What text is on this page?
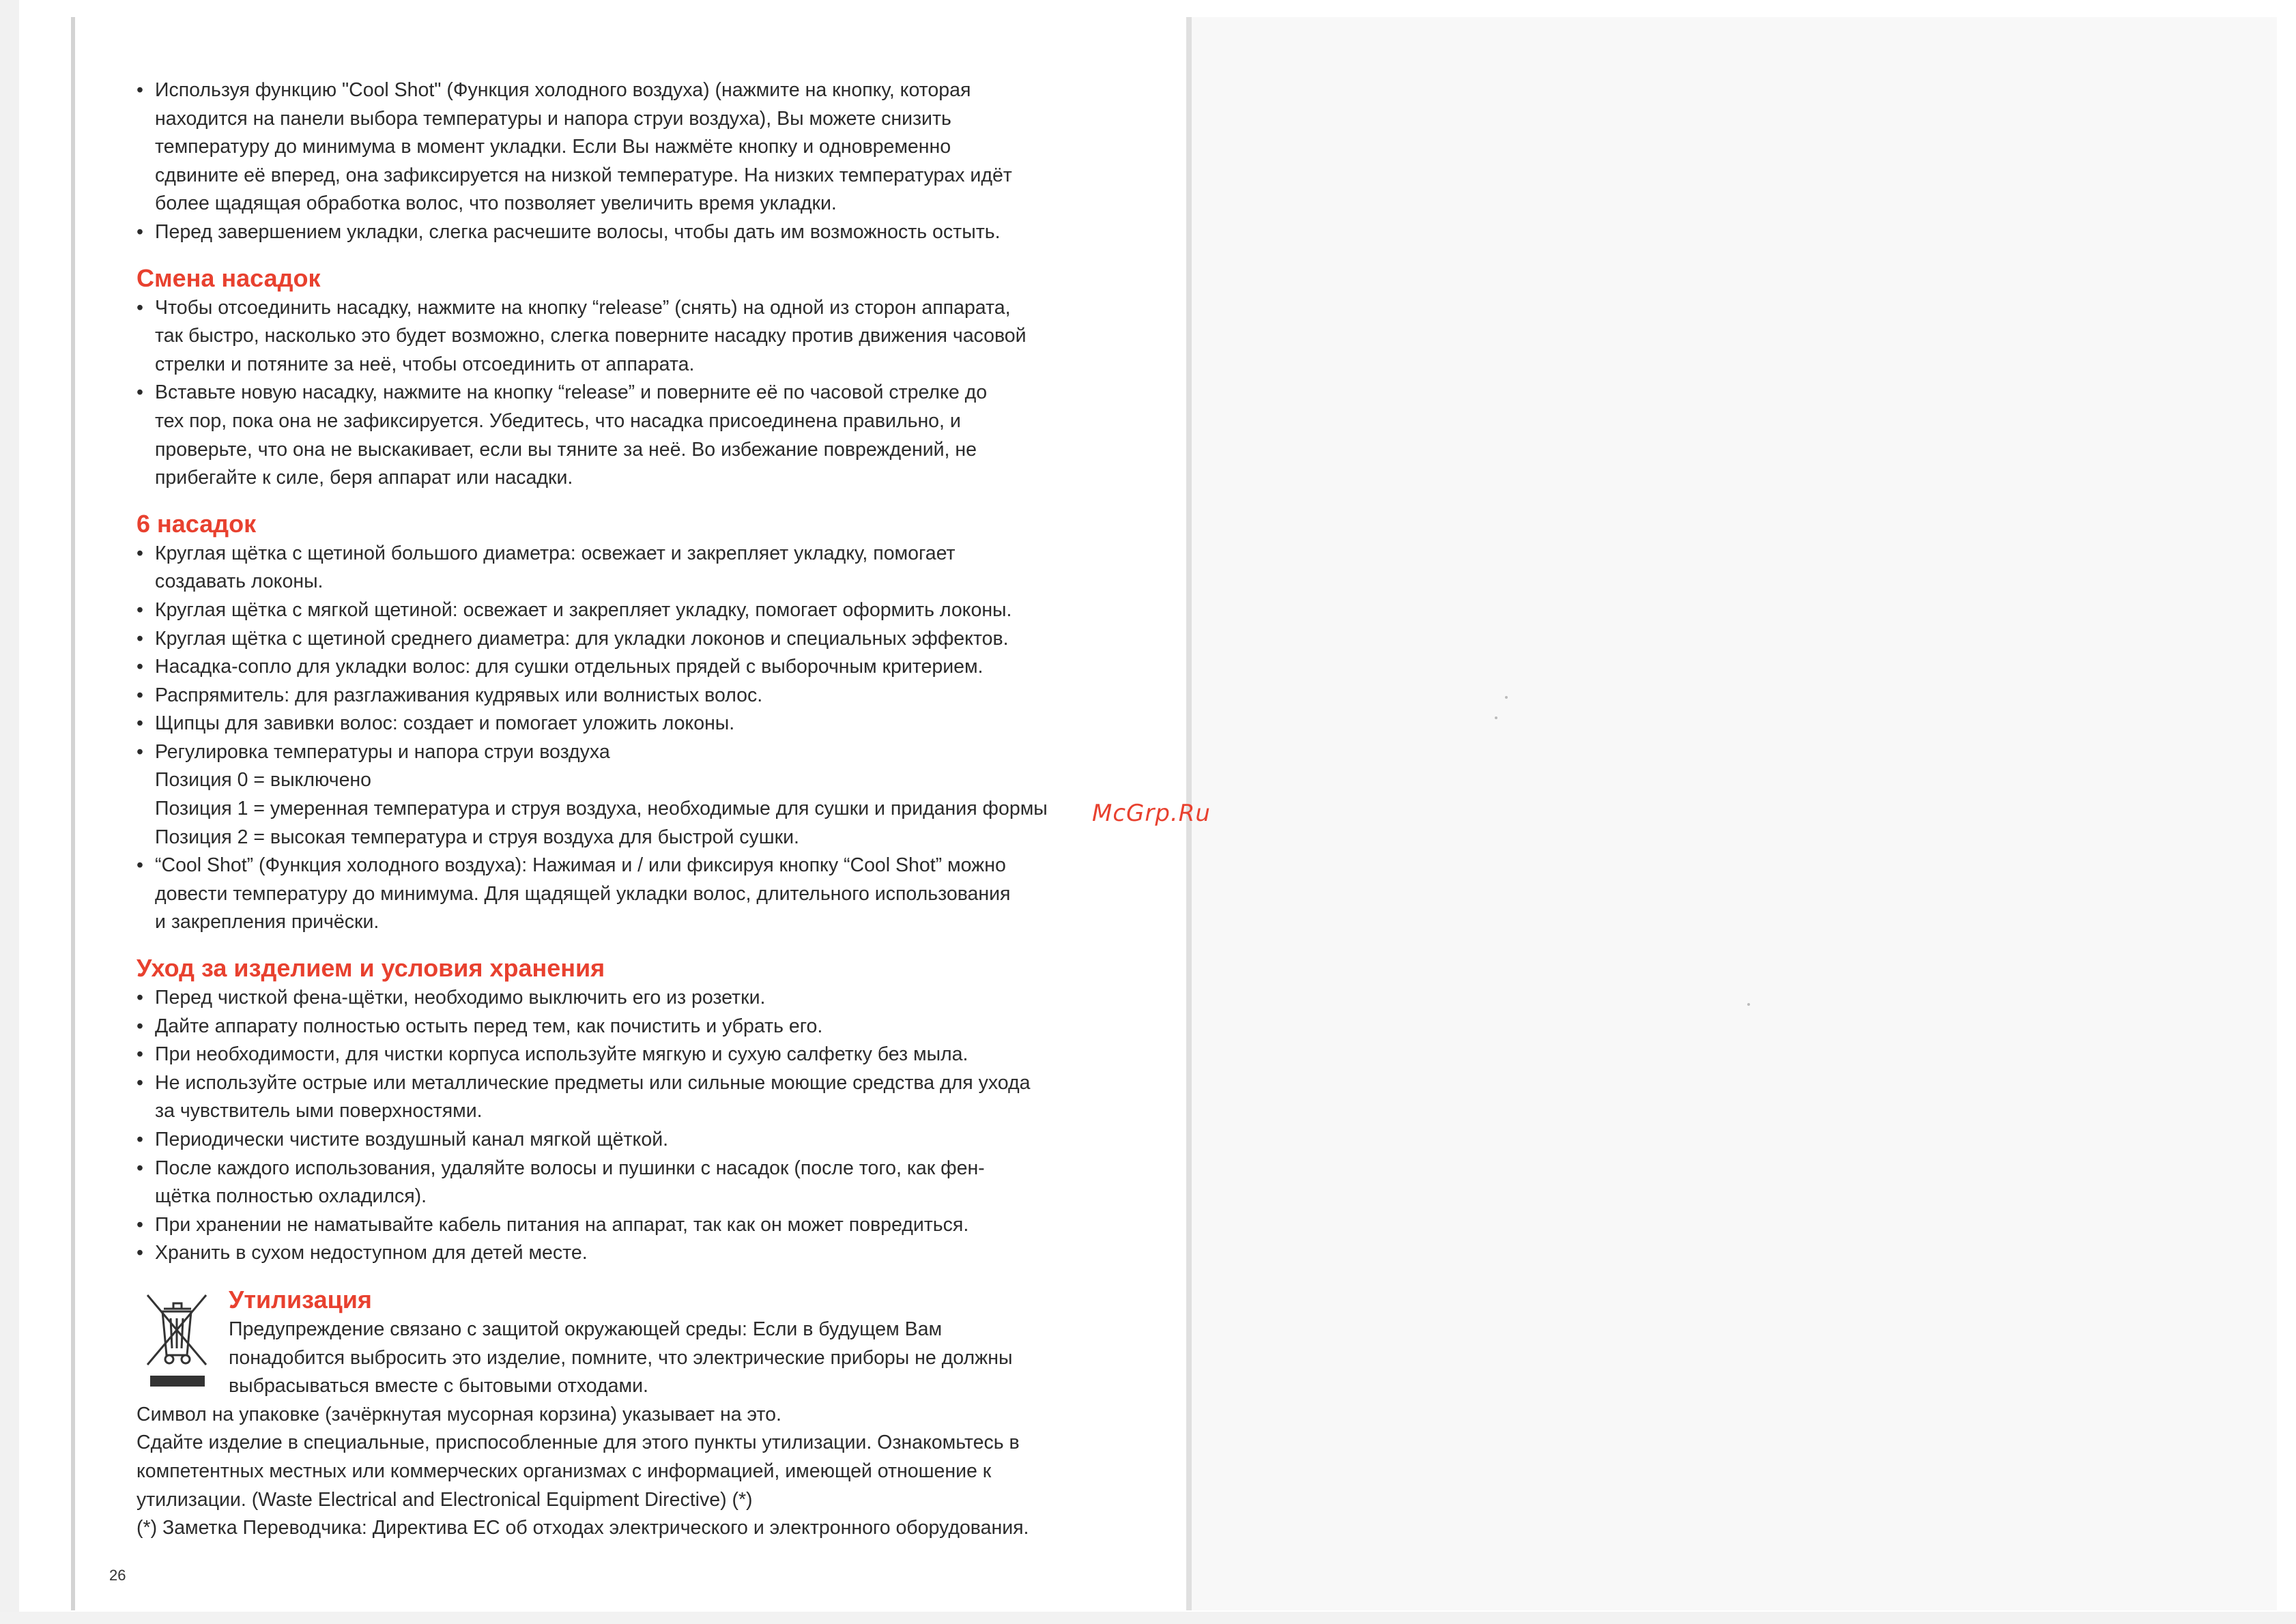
• Используя функцию "Cool Shot" (Функция холодного воздуха) (нажмите на кнопку, которая
находится на панели выбора температуры и напора струи воздуха), Вы можете снизить
температуру до минимума в момент укладки. Если Вы нажмёте кнопку и одновременно
сдвините её вперед, она зафиксируется на низкой температуре. На низких температурах идёт
более щадящая обработка волос, что позволяет увеличить время укладки.

• Перед завершением укладки, слегка расчешите волосы, чтобы дать им возможность остыть.

Смена насадок

• Чтобы отсоединить насадку, нажмите на кнопку “release” (снять) на одной из сторон аппарата,
так быстро, насколько это будет возможно, слегка поверните насадку против движения часовой
стрелки и потяните за неё, чтобы отсоединить от аппарата.

• Вставьте новую насадку, нажмите на кнопку “release” и поверните её по часовой стрелке до
тех пор, пока она не зафиксируется. Убедитесь, что насадка присоединена правильно, и
проверьте, что она не выскакивает, если вы тяните за неё. Во избежание повреждений, не
прибегайте к силе, беря аппарат или насадки.

6 насадок

• Круглая щётка с щетиной большого диаметра: освежает и закрепляет укладку, помогает
создавать локоны.

• Круглая щётка с мягкой щетиной: освежает и закрепляет укладку, помогает оформить локоны.

• Круглая щётка с щетиной среднего диаметра: для укладки локонов и специальных эффектов.

• Насадка-сопло для укладки волос: для сушки отдельных прядей с выборочным критерием.

• Распрямитель: для разглаживания кудрявых или волнистых волос.

• Щипцы для завивки волос: создает и помогает уложить локоны.

• Регулировка температуры и напора струи воздуха

Позиция 0 = выключено
Позиция 1 = умеренная температура и струя воздуха, необходимые для сушки и придания формы
Позиция 2 = высокая температура и струя воздуха для быстрой сушки.

• “Cool Shot” (Функция холодного воздуха): Нажимая и / или фиксируя кнопку “Cool Shot” можно
довести температуру до минимума. Для щадящей укладки волос, длительного использования
и закрепления причёски.

Уход за изделием и условия хранения

• Перед чисткой фена-щётки, необходимо выключить его из розетки.

• Дайте аппарату полностью остыть перед тем, как почистить и убрать его.

• При необходимости, для чистки корпуса используйте мягкую и сухую салфетку без мыла.

• Не используйте острые или металлические предметы или сильные моющие средства для ухода
за чувствитель ыми поверхностями.

• Периодически чистите воздушный канал мягкой щёткой.

• После каждого использования, удаляйте волосы и пушинки с насадок (после того, как фен-
щётка полностью охладился).

• При хранении не наматывайте кабель питания на аппарат, так как он может повредиться.

• Хранить в сухом недоступном для детей месте.

Утилизация

Предупреждение связано с защитой окружающей среды: Если в будущем Вам
понадобится выбросить это изделие, помните, что электрические приборы не должны
выбрасываться вместе с бытовыми отходами.

Символ на упаковке (зачёркнутая мусорная корзина) указывает на это.

Сдайте изделие в специальные, приспособленные для этого пункты утилизации. Ознакомьтесь в
компетентных местных или коммерческих организмах с информацией, имеющей отношение к
утилизации. (Waste Electrical and Electronical Equipment Directive) (*)

(*) Заметка Переводчика: Директива ЕС об отходах электрического и электронного оборудования.

26
McGrp.Ru
